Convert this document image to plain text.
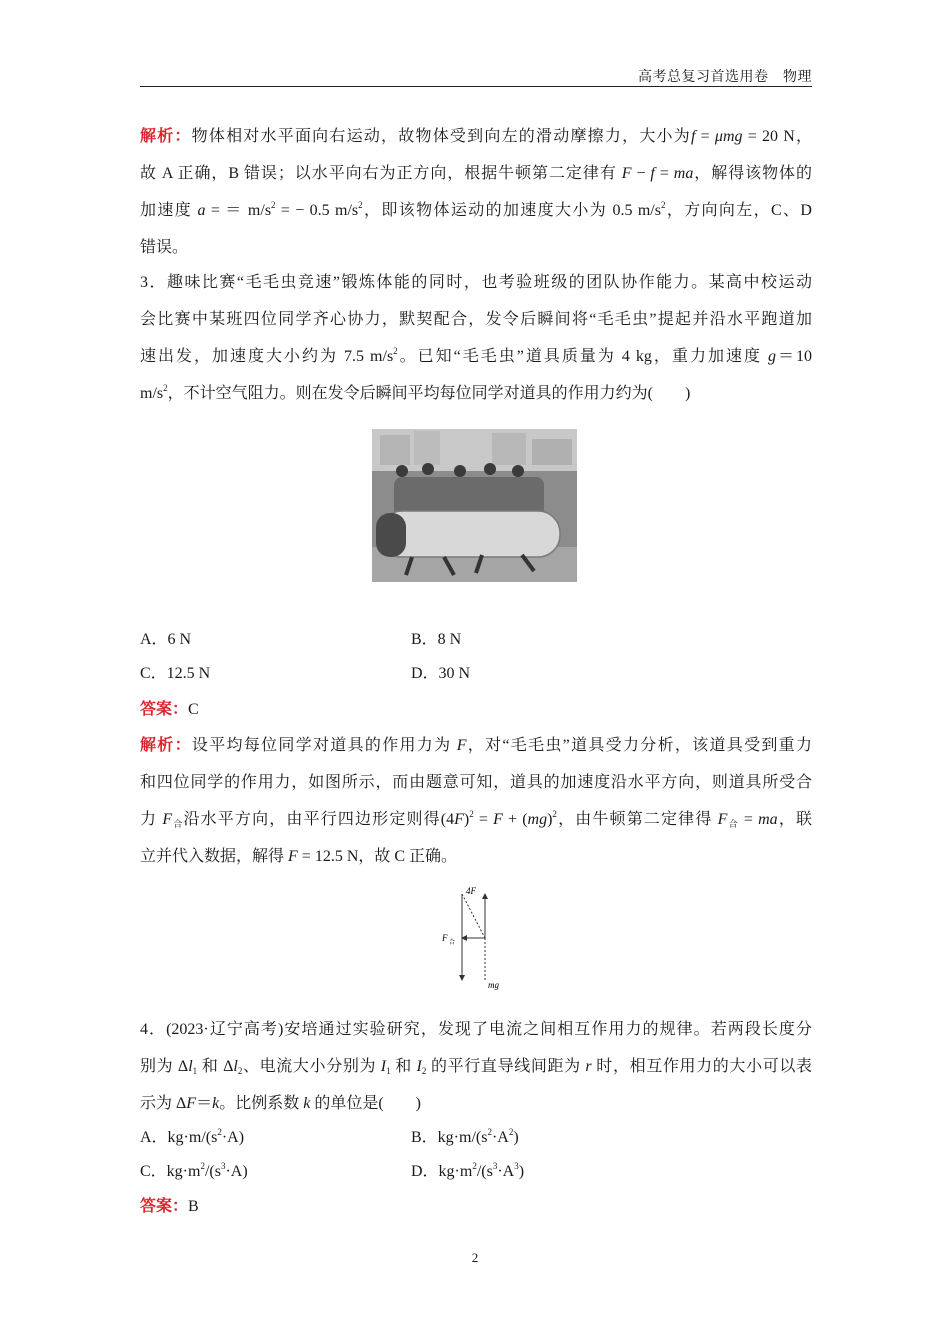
高考总复习首选用卷　物理
解析：物体相对水平面向右运动，故物体受到向左的滑动摩擦力，大小为f = μmg = 20 N，
故 A 正确，B 错误；以水平向右为正方向，根据牛顿第二定律有 F − f = ma，解得该物体的
加速度 a = ＝ $m/s^2$ = − 0.5 $m/s^2$，即该物体运动的加速度大小为 0.5 $m/s^2$，方向向左，C、D
错误。
3．趣味比赛“毛毛虫竞速”锻炼体能的同时，也考验班级的团队协作能力。某高中校运动
会比赛中某班四位同学齐心协力，默契配合，发令后瞬间将“毛毛虫”提起并沿水平跑道加
速出发，加速度大小约为 7.5 $m/s^2$。已知“毛毛虫”道具质量为 4 kg，重力加速度 g＝10
$m/s^2$，不计空气阻力。则在发令后瞬间平均每位同学对道具的作用力约为(　　)
A．6 N	B．8 N
C．12.5 N	D．30 N
答案：C
解析：设平均每位同学对道具的作用力为 F，对“毛毛虫”道具受力分析，该道具受到重力
和四位同学的作用力，如图所示，而由题意可知，道具的加速度沿水平方向，则道具所受合
力 $F_合$沿水平方向，由平行四边形定则得$(4F)^2 = F + (mg)^2$，由牛顿第二定律得 $F_合$ = ma，联
立并代入数据，解得 F = 12.5 N，故 C 正确。
4F
F 合
mg
4．(2023·辽宁高考)安培通过实验研究，发现了电流之间相互作用力的规律。若两段长度分
别为 $\Delta l_1$ 和 $\Delta l_2$、电流大小分别为 $I_1$ 和 $I_2$ 的平行直导线间距为 r 时，相互作用力的大小可以表
示为 ΔF＝k。比例系数 k 的单位是(　　)
A．$kg\cdot m/(s^2\cdot A)$	B．$kg\cdot m/(s^2\cdot A^2)$
C．$kg\cdot m^2/(s^3\cdot A)$	D．$kg\cdot m^2/(s^3\cdot A^3)$
答案：B
2
